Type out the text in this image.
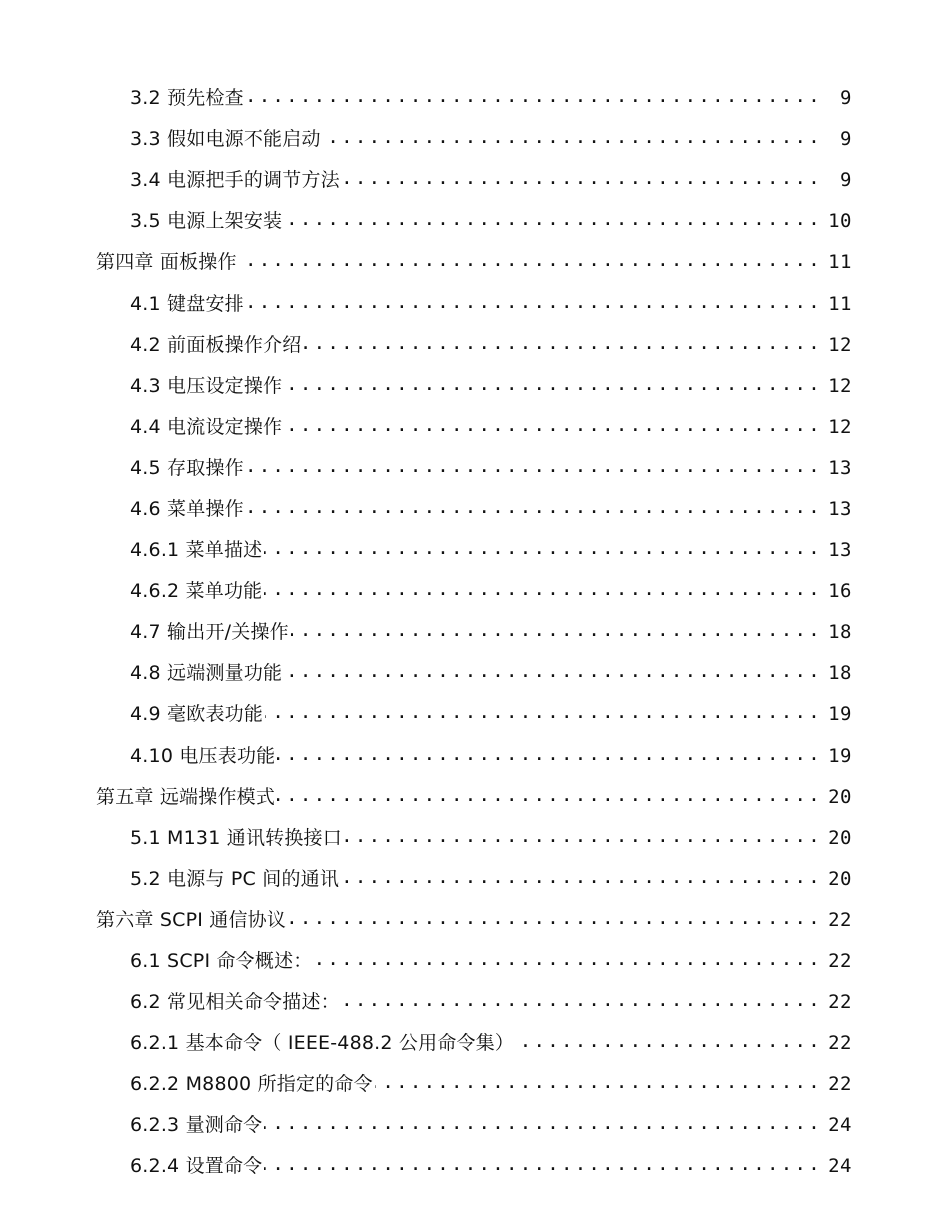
3.2 预先检查 .....	9
3.3 假如电源不能启动 .....	9
3.4 电源把手的调节方法 .....	9
3.5 电源上架安装 .....	10
第四章 面板操作 .....	11
4.1 键盘安排 .....	11
4.2 前面板操作介绍 .....	12
4.3 电压设定操作 .....	12
4.4 电流设定操作 .....	12
4.5 存取操作 .....	13
4.6 菜单操作 .....	13
4.6.1 菜单描述 .....	13
4.6.2 菜单功能 .....	16
4.7 输出开/关操作 .....	18
4.8 远端测量功能 .....	18
4.9 毫欧表功能 .....	19
4.10 电压表功能 .....	19
第五章 远端操作模式 .....	20
5.1 M131 通讯转换接口 .....	20
5.2 电源与 PC 间的通讯 .....	20
第六章 SCPI 通信协议 .....	22
6.1 SCPI 命令概述： .....	22
6.2 常见相关命令描述： .....	22
6.2.1 基本命令（ IEEE-488.2 公用命令集） .....	22
6.2.2 M8800 所指定的命令 .....	22
6.2.3 量测命令 .....	24
6.2.4 设置命令 .....	24
